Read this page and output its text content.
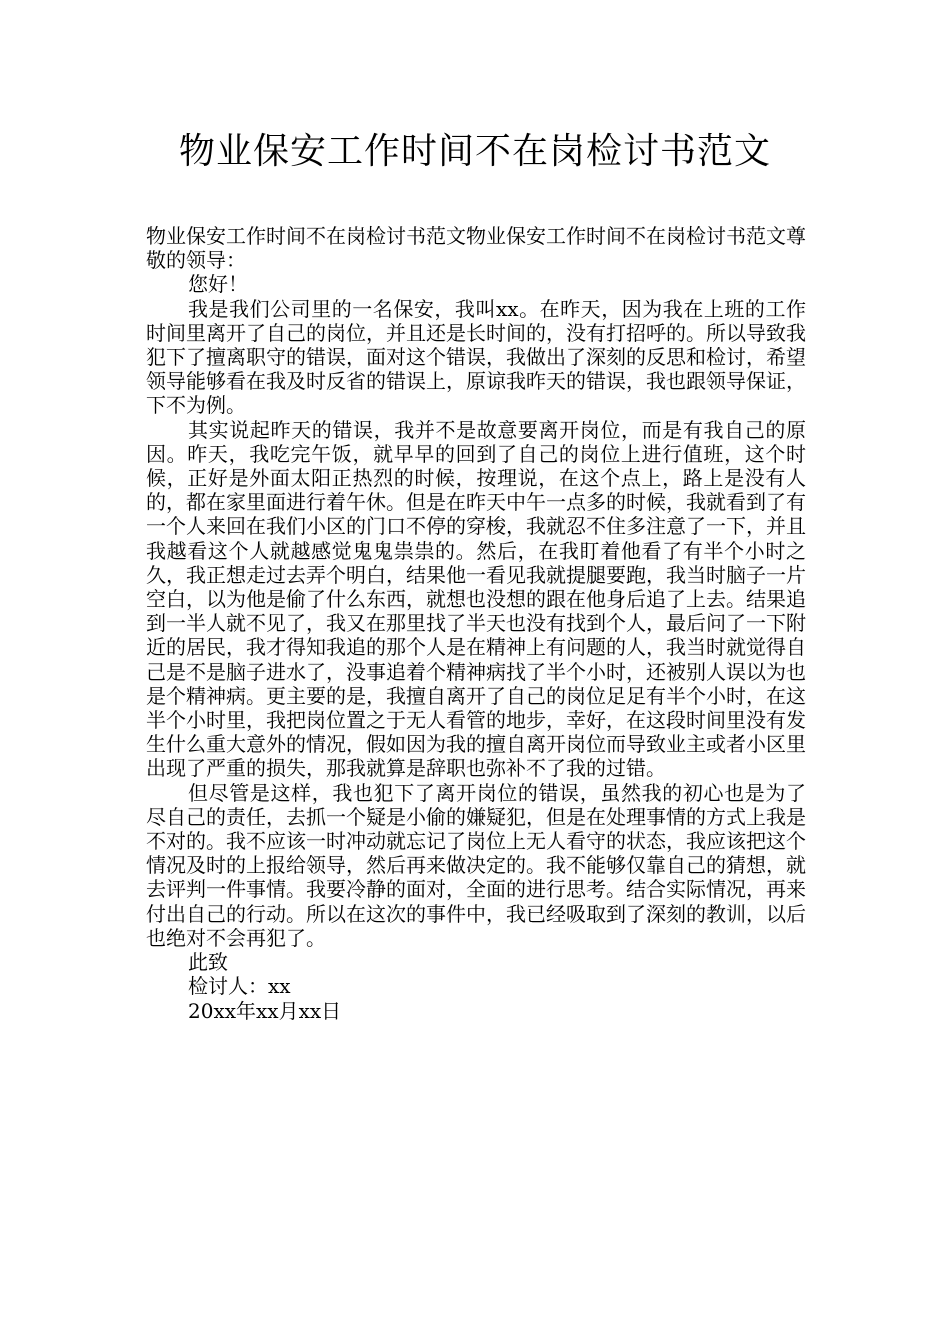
物业保安工作时间不在岗检讨书范文

物业保安工作时间不在岗检讨书范文物业保安工作时间不在岗检讨书范文尊敬的领导：

您好！

我是我们公司里的一名保安，我叫xx。在昨天，因为我在上班的工作时间里离开了自己的岗位，并且还是长时间的，没有打招呼的。所以导致我犯下了擅离职守的错误，面对这个错误，我做出了深刻的反思和检讨，希望领导能够看在我及时反省的错误上，原谅我昨天的错误，我也跟领导保证，下不为例。

其实说起昨天的错误，我并不是故意要离开岗位，而是有我自己的原因。昨天，我吃完午饭，就早早的回到了自己的岗位上进行值班，这个时候，正好是外面太阳正热烈的时候，按理说，在这个点上，路上是没有人的，都在家里面进行着午休。但是在昨天中午一点多的时候，我就看到了有一个人来回在我们小区的门口不停的穿梭，我就忍不住多注意了一下，并且我越看这个人就越感觉鬼鬼祟祟的。然后，在我盯着他看了有半个小时之久，我正想走过去弄个明白，结果他一看见我就提腿要跑，我当时脑子一片空白，以为他是偷了什么东西，就想也没想的跟在他身后追了上去。结果追到一半人就不见了，我又在那里找了半天也没有找到个人，最后问了一下附近的居民，我才得知我追的那个人是在精神上有问题的人，我当时就觉得自己是不是脑子进水了，没事追着个精神病找了半个小时，还被别人误以为也是个精神病。更主要的是，我擅自离开了自己的岗位足足有半个小时，在这半个小时里，我把岗位置之于无人看管的地步，幸好，在这段时间里没有发生什么重大意外的情况，假如因为我的擅自离开岗位而导致业主或者小区里出现了严重的损失，那我就算是辞职也弥补不了我的过错。

但尽管是这样，我也犯下了离开岗位的错误，虽然我的初心也是为了尽自己的责任，去抓一个疑是小偷的嫌疑犯，但是在处理事情的方式上我是不对的。我不应该一时冲动就忘记了岗位上无人看守的状态，我应该把这个情况及时的上报给领导，然后再来做决定的。我不能够仅靠自己的猜想，就去评判一件事情。我要冷静的面对，全面的进行思考。结合实际情况，再来付出自己的行动。所以在这次的事件中，我已经吸取到了深刻的教训，以后也绝对不会再犯了。

此致

检讨人：xx

20xx年xx月xx日
